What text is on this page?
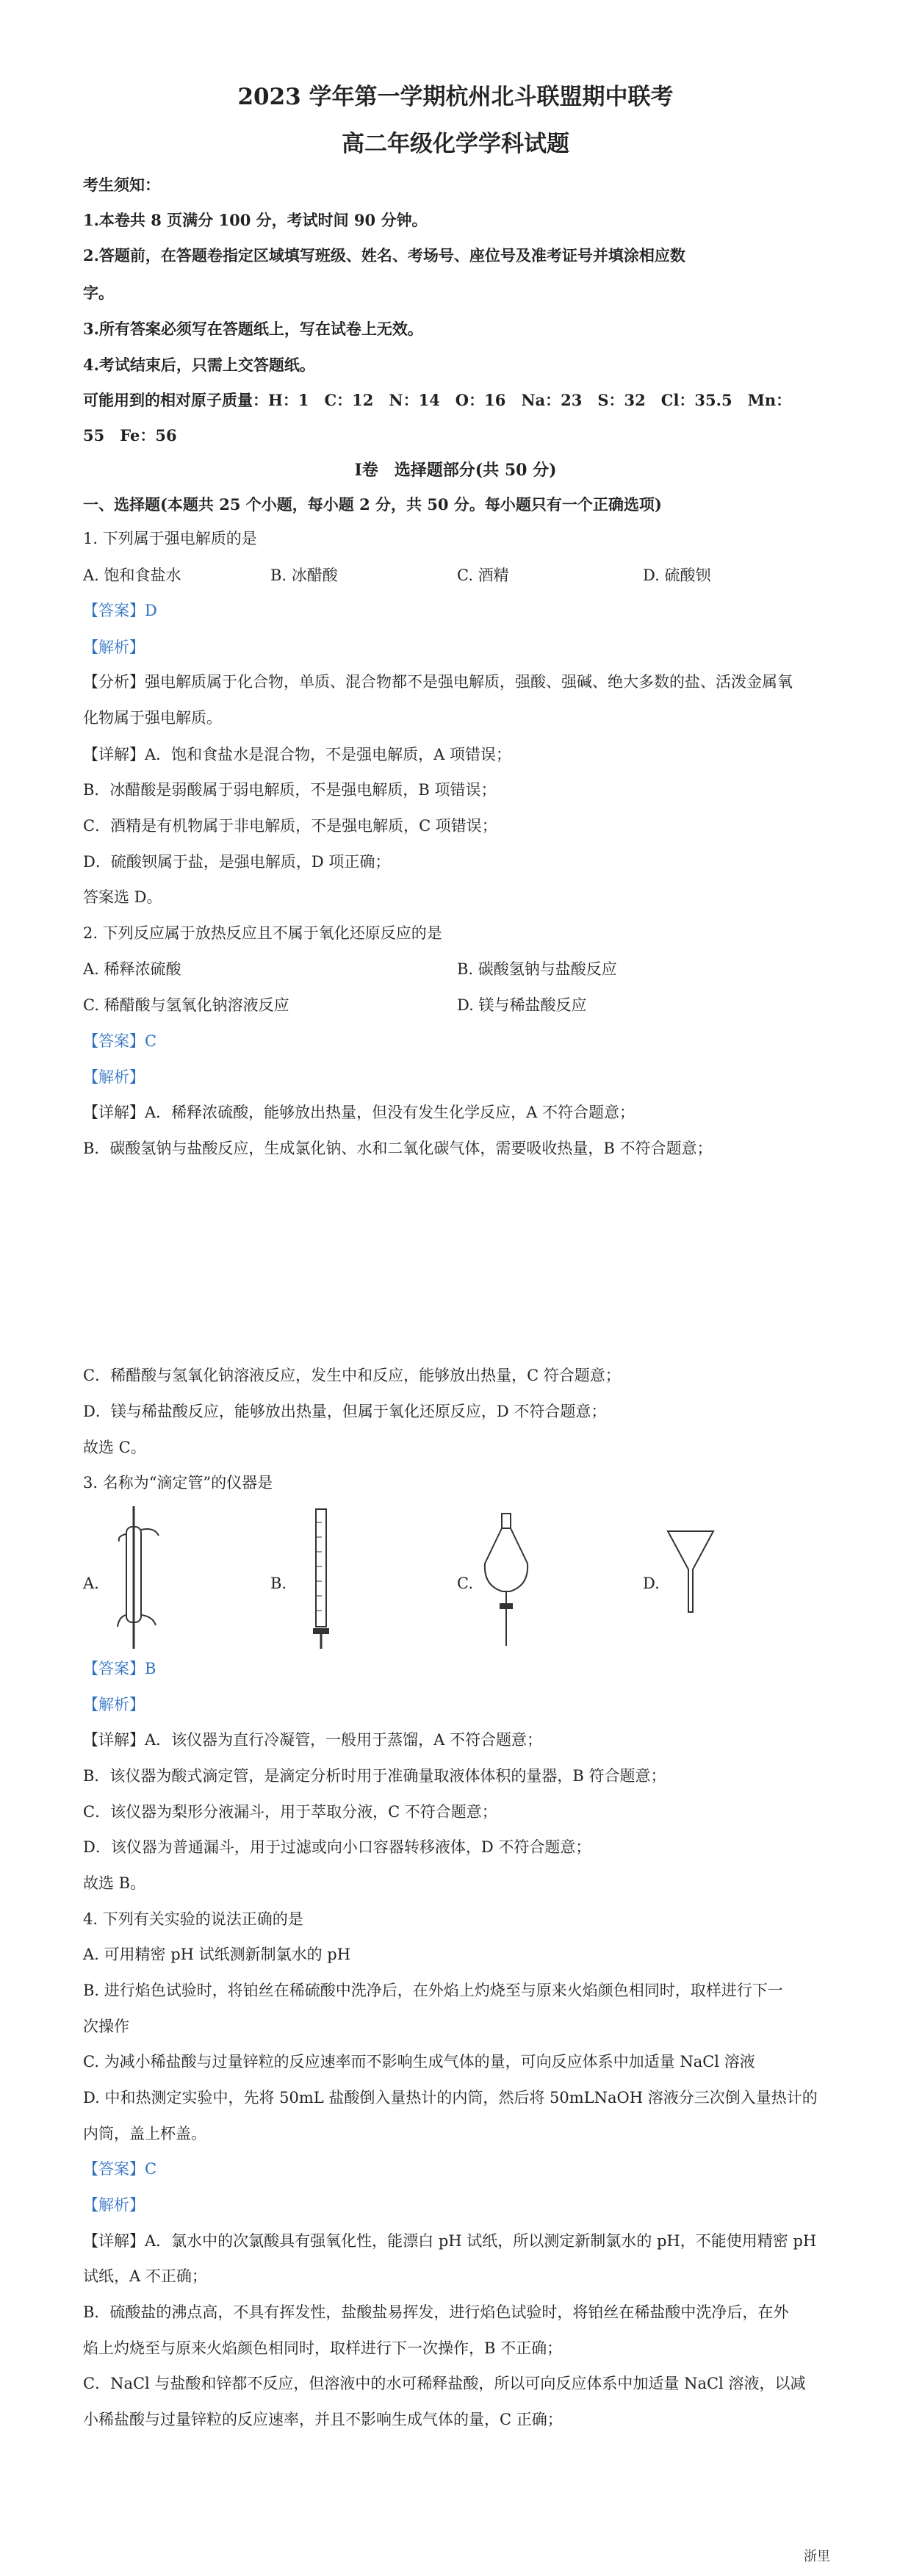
2023 学年第一学期杭州北斗联盟期中联考
高二年级化学学科试题
考生须知：
1.本卷共 8 页满分 100 分，考试时间 90 分钟。
2.答题前，在答题卷指定区域填写班级、姓名、考场号、座位号及准考证号并填涂相应数
字。
3.所有答案必须写在答题纸上，写在试卷上无效。
4.考试结束后，只需上交答题纸。
可能用到的相对原子质量：H：1　C：12　N：14　O：16　Na：23　S：32　Cl：35.5　Mn：
55　Fe：56
I卷　选择题部分(共 50 分)
一、选择题(本题共 25 个小题，每小题 2 分，共 50 分。每小题只有一个正确选项)
1. 下列属于强电解质的是
A. 饱和食盐水	B. 冰醋酸	C. 酒精	D. 硫酸钡
【答案】D
【解析】
【分析】强电解质属于化合物，单质、混合物都不是强电解质，强酸、强碱、绝大多数的盐、活泼金属氧
化物属于强电解质。
【详解】A．饱和食盐水是混合物，不是强电解质，A 项错误；
B．冰醋酸是弱酸属于弱电解质，不是强电解质，B 项错误；
C．酒精是有机物属于非电解质，不是强电解质，C 项错误；
D．硫酸钡属于盐，是强电解质，D 项正确；
答案选 D。
2. 下列反应属于放热反应且不属于氧化还原反应的是
A. 稀释浓硫酸	B. 碳酸氢钠与盐酸反应
C. 稀醋酸与氢氧化钠溶液反应	D. 镁与稀盐酸反应
【答案】C
【解析】
【详解】A．稀释浓硫酸，能够放出热量，但没有发生化学反应，A 不符合题意；
B．碳酸氢钠与盐酸反应，生成氯化钠、水和二氧化碳气体，需要吸收热量，B 不符合题意；
C．稀醋酸与氢氧化钠溶液反应，发生中和反应，能够放出热量，C 符合题意；
D．镁与稀盐酸反应，能够放出热量，但属于氧化还原反应，D 不符合题意；
故选 C。
3. 名称为“滴定管”的仪器是
A.	B.	C.	D.
【答案】B
【解析】
【详解】A．该仪器为直行冷凝管，一般用于蒸馏，A 不符合题意；
B．该仪器为酸式滴定管，是滴定分析时用于准确量取液体体积的量器，B 符合题意；
C．该仪器为梨形分液漏斗，用于萃取分液，C 不符合题意；
D．该仪器为普通漏斗，用于过滤或向小口容器转移液体，D 不符合题意；
故选 B。
4. 下列有关实验的说法正确的是
A. 可用精密 pH 试纸测新制氯水的 pH
B. 进行焰色试验时，将铂丝在稀硫酸中洗净后，在外焰上灼烧至与原来火焰颜色相同时，取样进行下一
次操作
C. 为减小稀盐酸与过量锌粒的反应速率而不影响生成气体的量，可向反应体系中加适量 NaCl 溶液
D. 中和热测定实验中，先将 50mL 盐酸倒入量热计的内筒，然后将 50mLNaOH 溶液分三次倒入量热计的
内筒，盖上杯盖。
【答案】C
【解析】
【详解】A．氯水中的次氯酸具有强氧化性，能漂白 pH 试纸，所以测定新制氯水的 pH，不能使用精密 pH
试纸，A 不正确；
B．硫酸盐的沸点高，不具有挥发性，盐酸盐易挥发，进行焰色试验时，将铂丝在稀盐酸中洗净后，在外
焰上灼烧至与原来火焰颜色相同时，取样进行下一次操作，B 不正确；
C．NaCl 与盐酸和锌都不反应，但溶液中的水可稀释盐酸，所以可向反应体系中加适量 NaCl 溶液，以减
小稀盐酸与过量锌粒的反应速率，并且不影响生成气体的量，C 正确；
浙里
